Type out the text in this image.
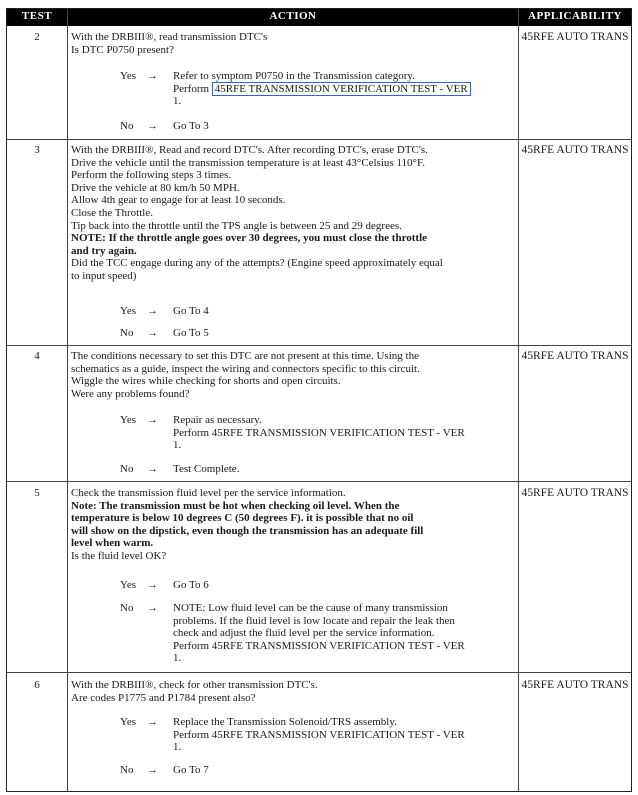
TEST	ACTION	APPLICABILITY
2	With the DRBIII®, read transmission DTC's
Is DTC P0750 present?
Yes → Refer to symptom P0750 in the Transmission category.
Perform 45RFE TRANSMISSION VERIFICATION TEST - VER
1.
No → Go To 3
45RFE AUTO TRANS
3	With the DRBIII®, Read and record DTC's. After recording DTC's, erase DTC's.
Drive the vehicle until the transmission temperature is at least 43°Celsius 110°F.
Perform the following steps 3 times.
Drive the vehicle at 80 km/h 50 MPH.
Allow 4th gear to engage for at least 10 seconds.
Close the Throttle.
Tip back into the throttle until the TPS angle is between 25 and 29 degrees.
NOTE: If the throttle angle goes over 30 degrees, you must close the throttle
and try again.
Did the TCC engage during any of the attempts? (Engine speed approximately equal
to input speed)
Yes → Go To 4
No → Go To 5
45RFE AUTO TRANS
4	The conditions necessary to set this DTC are not present at this time. Using the
schematics as a guide, inspect the wiring and connectors specific to this circuit.
Wiggle the wires while checking for shorts and open circuits.
Were any problems found?
Yes → Repair as necessary.
Perform 45RFE TRANSMISSION VERIFICATION TEST - VER
1.
No → Test Complete.
45RFE AUTO TRANS
5	Check the transmission fluid level per the service information.
Note: The transmission must be hot when checking oil level. When the
temperature is below 10 degrees C (50 degrees F). it is possible that no oil
will show on the dipstick, even though the transmission has an adequate fill
level when warm.
Is the fluid level OK?
Yes → Go To 6
No → NOTE: Low fluid level can be the cause of many transmission
problems. If the fluid level is low locate and repair the leak then
check and adjust the fluid level per the service information.
Perform 45RFE TRANSMISSION VERIFICATION TEST - VER
1.
45RFE AUTO TRANS
6	With the DRBIII®, check for other transmission DTC's.
Are codes P1775 and P1784 present also?
Yes → Replace the Transmission Solenoid/TRS assembly.
Perform 45RFE TRANSMISSION VERIFICATION TEST - VER
1.
No → Go To 7
45RFE AUTO TRANS
